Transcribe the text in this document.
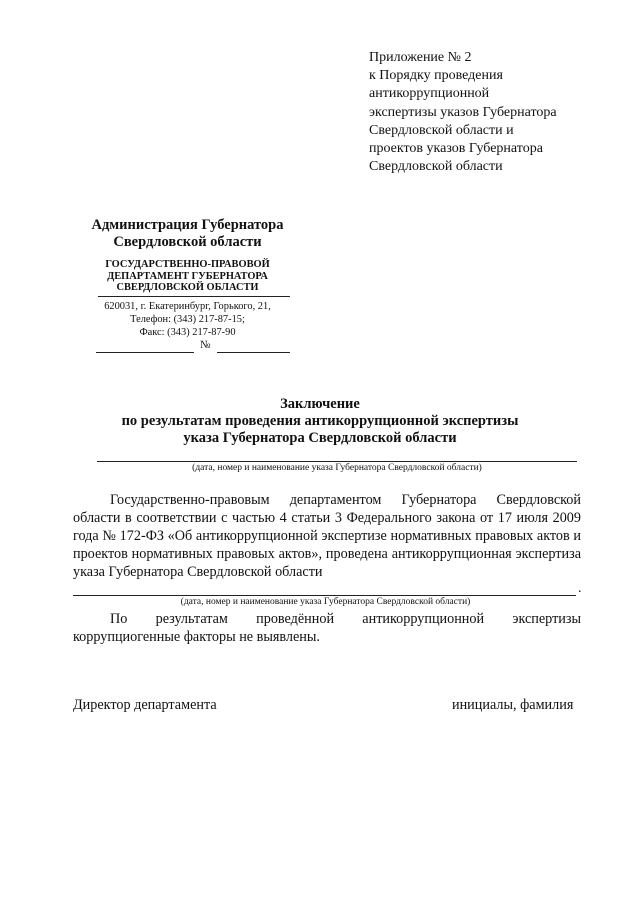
Приложение № 2
к Порядку проведения
антикоррупционной
экспертизы указов Губернатора
Свердловской области и
проектов указов Губернатора
Свердловской области
Администрация Губернатора
Свердловской области
ГОСУДАРСТВЕННО-ПРАВОВОЙ
ДЕПАРТАМЕНТ ГУБЕРНАТОРА
СВЕРДЛОВСКОЙ ОБЛАСТИ
620031, г. Екатеринбург, Горького, 21,
Телефон: (343) 217-87-15;
Факс: (343) 217-87-90
№
Заключение
по результатам проведения антикоррупционной экспертизы
указа Губернатора Свердловской области
(дата, номер и наименование указа Губернатора Свердловской области)
Государственно-правовым департаментом Губернатора Свердловской области в соответствии с частью 4 статьи 3 Федерального закона от 17 июля 2009 года № 172-ФЗ «Об антикоррупционной экспертизе нормативных правовых актов и проектов нормативных правовых актов», проведена антикоррупционная экспертиза указа Губернатора Свердловской области
.
(дата, номер и наименование указа Губернатора Свердловской области)
По результатам проведённой антикоррупционной экспертизы коррупциогенные факторы не выявлены.
Директор департамента	инициалы, фамилия
